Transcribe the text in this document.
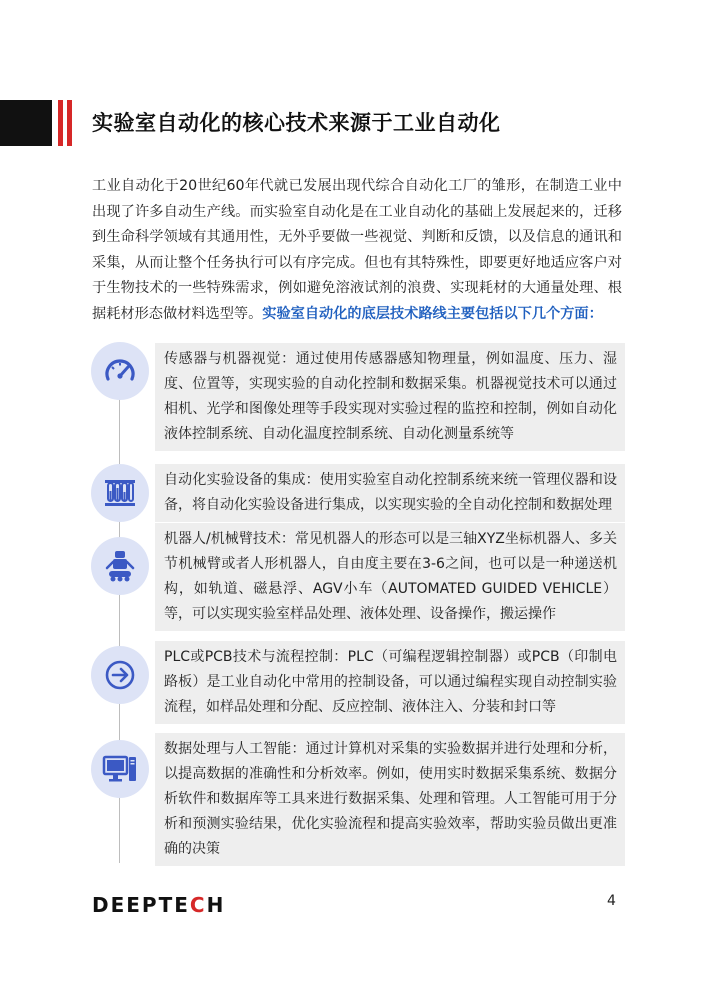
实验室自动化的核心技术来源于工业自动化

工业自动化于20世纪60年代就已发展出现代综合自动化工厂的雏形，在制造工业中出现了许多自动生产线。而实验室自动化是在工业自动化的基础上发展起来的，迁移到生命科学领域有其通用性，无外乎要做一些视觉、判断和反馈，以及信息的通讯和采集，从而让整个任务执行可以有序完成。但也有其特殊性，即要更好地适应客户对于生物技术的一些特殊需求，例如避免溶液试剂的浪费、实现耗材的大通量处理、根据耗材形态做材料选型等。实验室自动化的底层技术路线主要包括以下几个方面：

传感器与机器视觉：通过使用传感器感知物理量，例如温度、压力、湿度、位置等，实现实验的自动化控制和数据采集。机器视觉技术可以通过相机、光学和图像处理等手段实现对实验过程的监控和控制，例如自动化液体控制系统、自动化温度控制系统、自动化测量系统等
自动化实验设备的集成：使用实验室自动化控制系统来统一管理仪器和设备，将自动化实验设备进行集成，以实现实验的全自动化控制和数据处理
机器人/机械臂技术：常见机器人的形态可以是三轴XYZ坐标机器人、多关节机械臂或者人形机器人，自由度主要在3-6之间，也可以是一种递送机构，如轨道、磁悬浮、AGV小车（AUTOMATED GUIDED VEHICLE）等，可以实现实验室样品处理、液体处理、设备操作，搬运操作
PLC或PCB技术与流程控制：PLC（可编程逻辑控制器）或PCB（印制电路板）是工业自动化中常用的控制设备，可以通过编程实现自动控制实验流程，如样品处理和分配、反应控制、液体注入、分装和封口等
数据处理与人工智能：通过计算机对采集的实验数据并进行处理和分析，以提高数据的准确性和分析效率。例如，使用实时数据采集系统、数据分析软件和数据库等工具来进行数据采集、处理和管理。人工智能可用于分析和预测实验结果，优化实验流程和提高实验效率，帮助实验员做出更准确的决策
DEEPTECH	4
